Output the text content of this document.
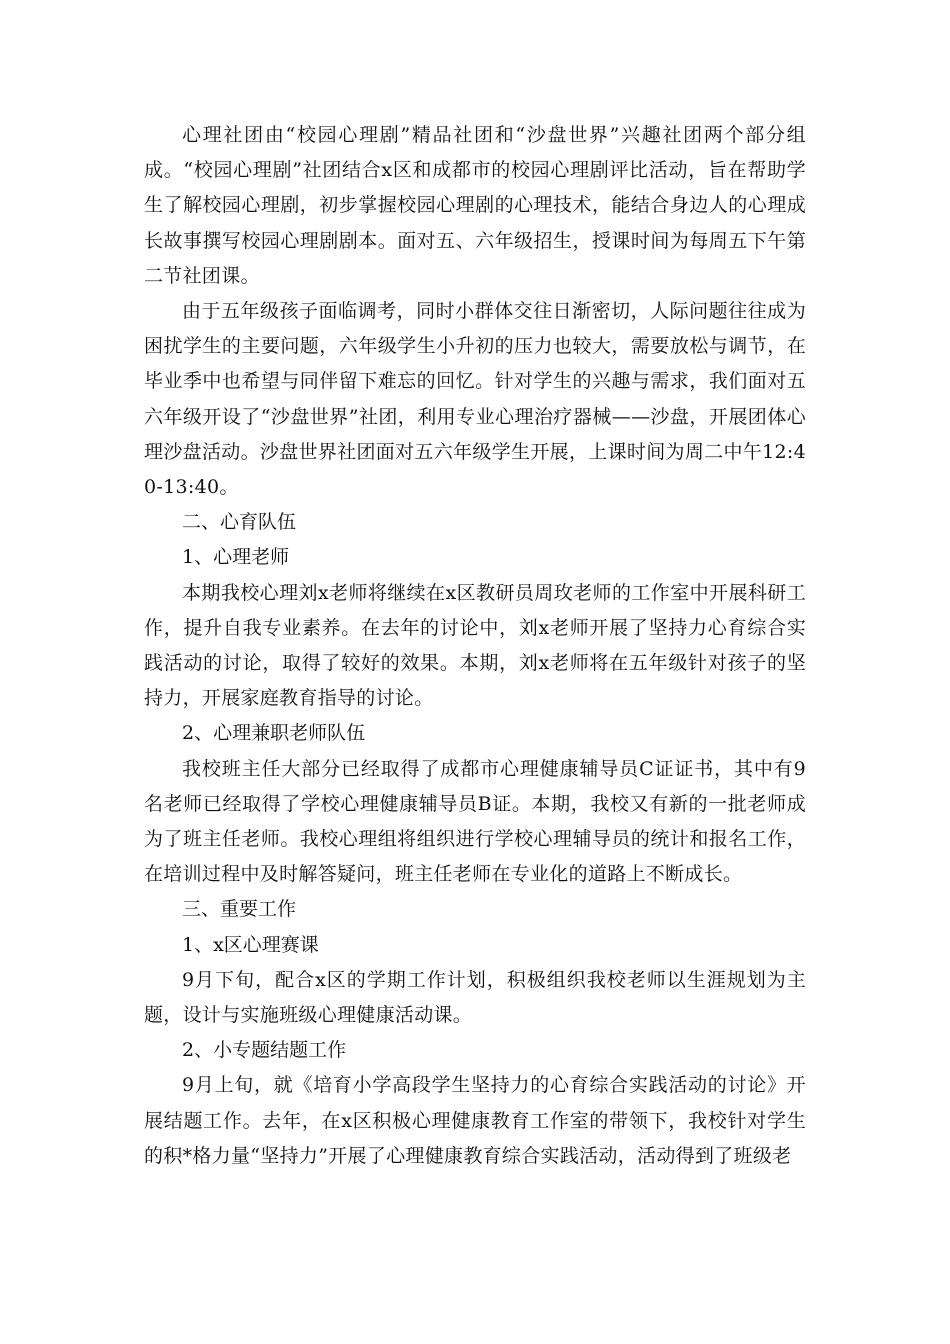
心理社团由“校园心理剧”精品社团和“沙盘世界”兴趣社团两个部分组成。“校园心理剧”社团结合x区和成都市的校园心理剧评比活动，旨在帮助学生了解校园心理剧，初步掌握校园心理剧的心理技术，能结合身边人的心理成长故事撰写校园心理剧剧本。面对五、六年级招生，授课时间为每周五下午第二节社团课。

由于五年级孩子面临调考，同时小群体交往日渐密切，人际问题往往成为困扰学生的主要问题，六年级学生小升初的压力也较大，需要放松与调节，在毕业季中也希望与同伴留下难忘的回忆。针对学生的兴趣与需求，我们面对五六年级开设了“沙盘世界”社团，利用专业心理治疗器械——沙盘，开展团体心理沙盘活动。沙盘世界社团面对五六年级学生开展，上课时间为周二中午12:40-13:40。

二、心育队伍

1、心理老师

本期我校心理刘x老师将继续在x区教研员周玫老师的工作室中开展科研工作，提升自我专业素养。在去年的讨论中，刘x老师开展了坚持力心育综合实践活动的讨论，取得了较好的效果。本期，刘x老师将在五年级针对孩子的坚持力，开展家庭教育指导的讨论。

2、心理兼职老师队伍

我校班主任大部分已经取得了成都市心理健康辅导员C证证书，其中有9名老师已经取得了学校心理健康辅导员B证。本期，我校又有新的一批老师成为了班主任老师。我校心理组将组织进行学校心理辅导员的统计和报名工作，在培训过程中及时解答疑问，班主任老师在专业化的道路上不断成长。

三、重要工作

1、x区心理赛课

9月下旬，配合x区的学期工作计划，积极组织我校老师以生涯规划为主题，设计与实施班级心理健康活动课。

2、小专题结题工作

9月上旬，就《培育小学高段学生坚持力的心育综合实践活动的讨论》开展结题工作。去年，在x区积极心理健康教育工作室的带领下，我校针对学生的积*格力量“坚持力”开展了心理健康教育综合实践活动，活动得到了班级老
